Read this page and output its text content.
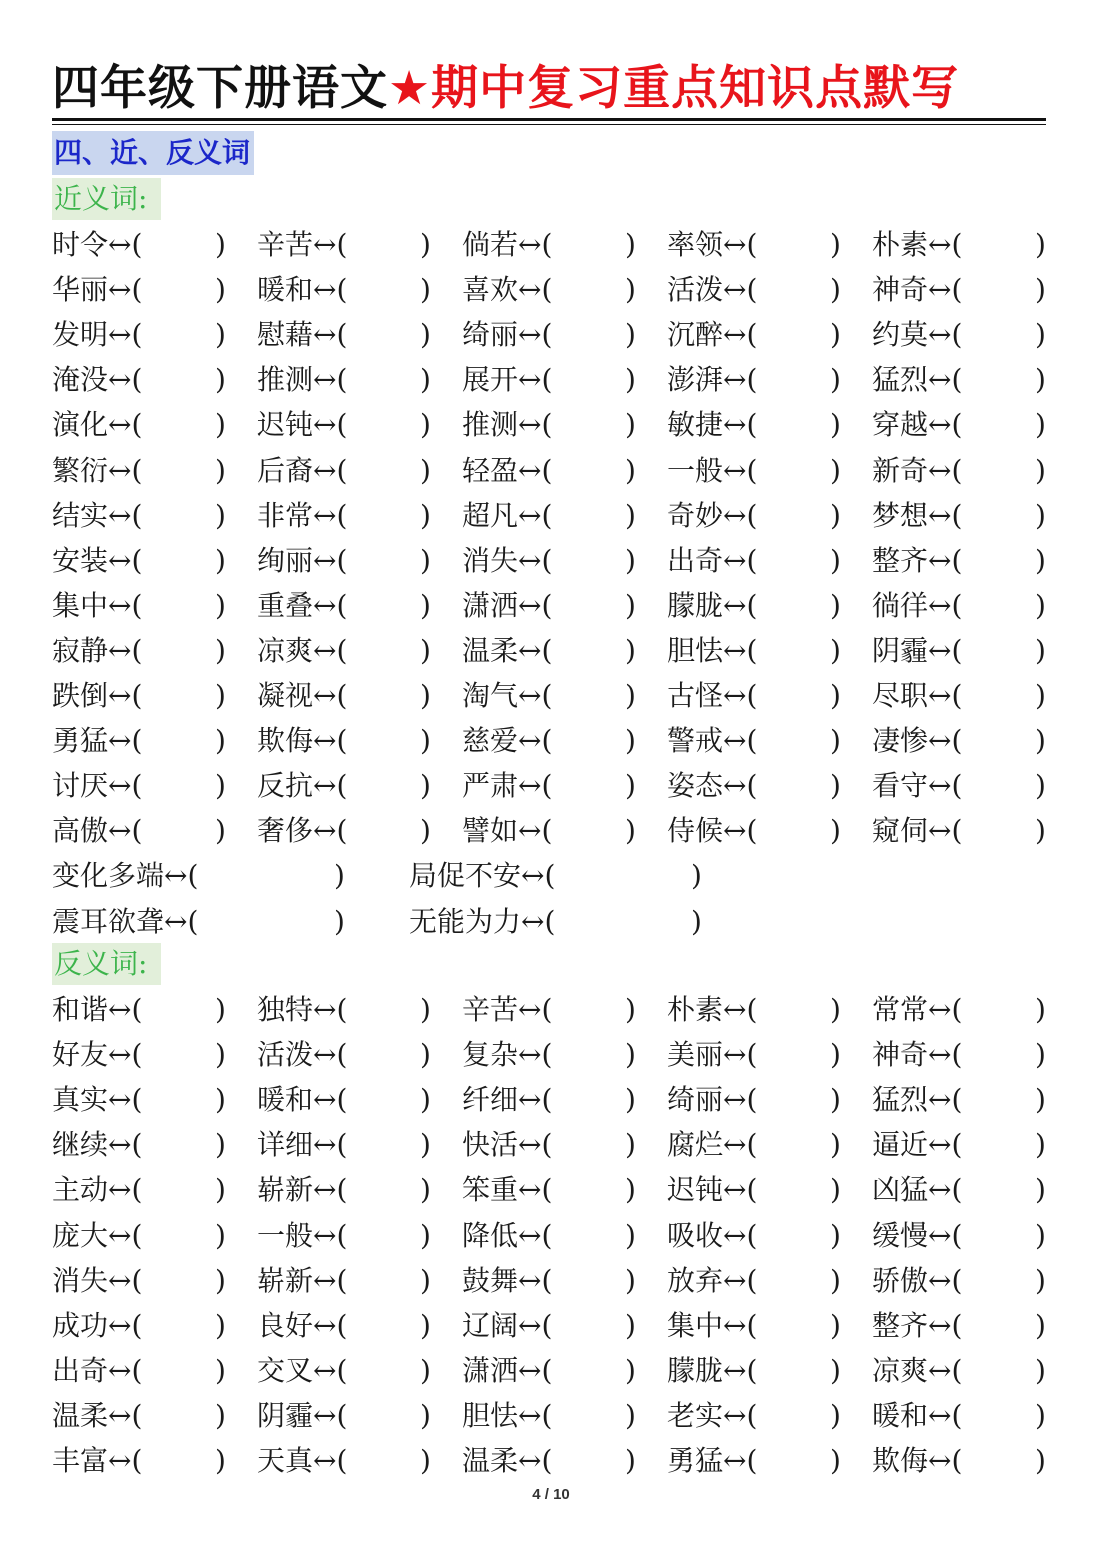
四年级下册语文★期中复习重点知识点默写
四、近、反义词
近义词:
时令↔(	) 辛苦↔(	) 倘若↔(	) 率领↔(	) 朴素↔(	)
华丽↔(	) 暖和↔(	) 喜欢↔(	) 活泼↔(	) 神奇↔(	)
发明↔(	) 慰藉↔(	) 绮丽↔(	) 沉醉↔(	) 约莫↔(	)
淹没↔(	) 推测↔(	) 展开↔(	) 澎湃↔(	) 猛烈↔(	)
演化↔(	) 迟钝↔(	) 推测↔(	) 敏捷↔(	) 穿越↔(	)
繁衍↔(	) 后裔↔(	) 轻盈↔(	) 一般↔(	) 新奇↔(	)
结实↔(	) 非常↔(	) 超凡↔(	) 奇妙↔(	) 梦想↔(	)
安装↔(	) 绚丽↔(	) 消失↔(	) 出奇↔(	) 整齐↔(	)
集中↔(	) 重叠↔(	) 潇洒↔(	) 朦胧↔(	) 徜徉↔(	)
寂静↔(	) 凉爽↔(	) 温柔↔(	) 胆怯↔(	) 阴霾↔(	)
跌倒↔(	) 凝视↔(	) 淘气↔(	) 古怪↔(	) 尽职↔(	)
勇猛↔(	) 欺侮↔(	) 慈爱↔(	) 警戒↔(	) 凄惨↔(	)
讨厌↔(	) 反抗↔(	) 严肃↔(	) 姿态↔(	) 看守↔(	)
高傲↔(	) 奢侈↔(	) 譬如↔(	) 侍候↔(	) 窥伺↔(	)
变化多端↔(	) 局促不安↔(	)
震耳欲聋↔(	) 无能为力↔(	)
反义词:
和谐↔(	) 独特↔(	) 辛苦↔(	) 朴素↔(	) 常常↔(	)
好友↔(	) 活泼↔(	) 复杂↔(	) 美丽↔(	) 神奇↔(	)
真实↔(	) 暖和↔(	) 纤细↔(	) 绮丽↔(	) 猛烈↔(	)
继续↔(	) 详细↔(	) 快活↔(	) 腐烂↔(	) 逼近↔(	)
主动↔(	) 崭新↔(	) 笨重↔(	) 迟钝↔(	) 凶猛↔(	)
庞大↔(	) 一般↔(	) 降低↔(	) 吸收↔(	) 缓慢↔(	)
消失↔(	) 崭新↔(	) 鼓舞↔(	) 放弃↔(	) 骄傲↔(	)
成功↔(	) 良好↔(	) 辽阔↔(	) 集中↔(	) 整齐↔(	)
出奇↔(	) 交叉↔(	) 潇洒↔(	) 朦胧↔(	) 凉爽↔(	)
温柔↔(	) 阴霾↔(	) 胆怯↔(	) 老实↔(	) 暖和↔(	)
丰富↔(	) 天真↔(	) 温柔↔(	) 勇猛↔(	) 欺侮↔(	)
4 / 10
